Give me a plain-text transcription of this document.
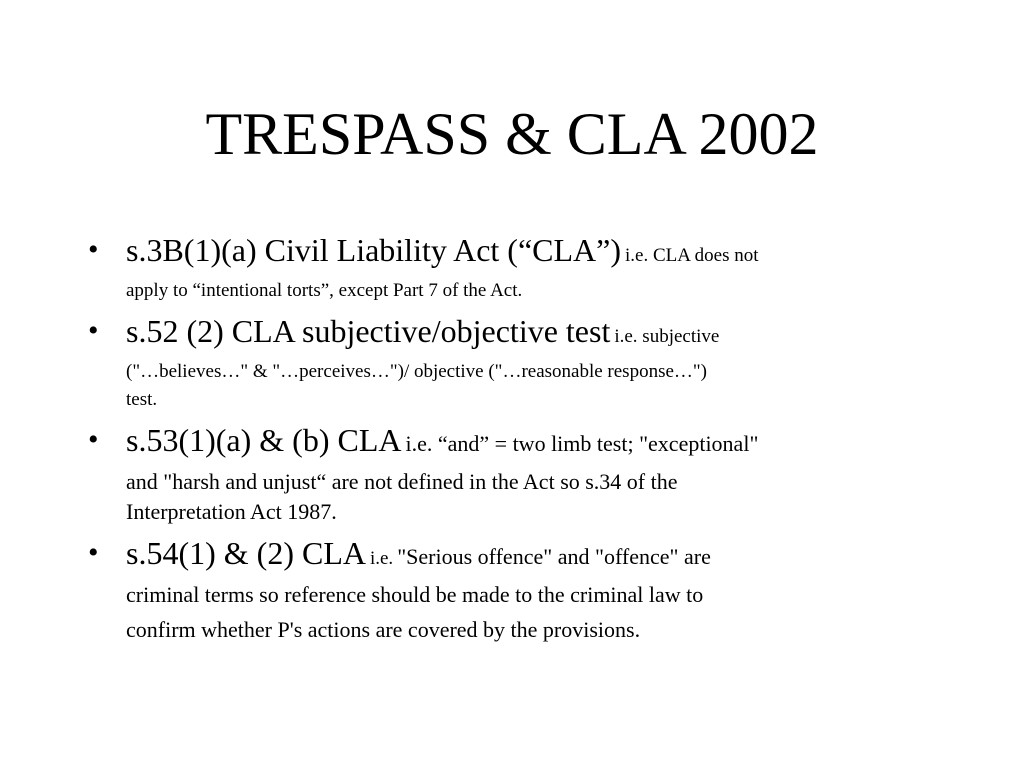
TRESPASS & CLA 2002
• s.3B(1)(a) Civil Liability Act (“CLA”) i.e. CLA does not
apply to “intentional torts”, except Part 7 of the Act.
• s.52 (2) CLA subjective/objective test i.e. subjective
("…believes…" & "…perceives…")/ objective ("…reasonable response…")
test.
• s.53(1)(a) & (b) CLA i.e. “and” = two limb test; "exceptional"
and "harsh and unjust“ are not defined in the Act so s.34 of the
Interpretation Act 1987.
• s.54(1) & (2) CLA i.e. "Serious offence" and "offence" are
criminal terms so reference should be made to the criminal law to
confirm whether P's actions are covered by the provisions.
